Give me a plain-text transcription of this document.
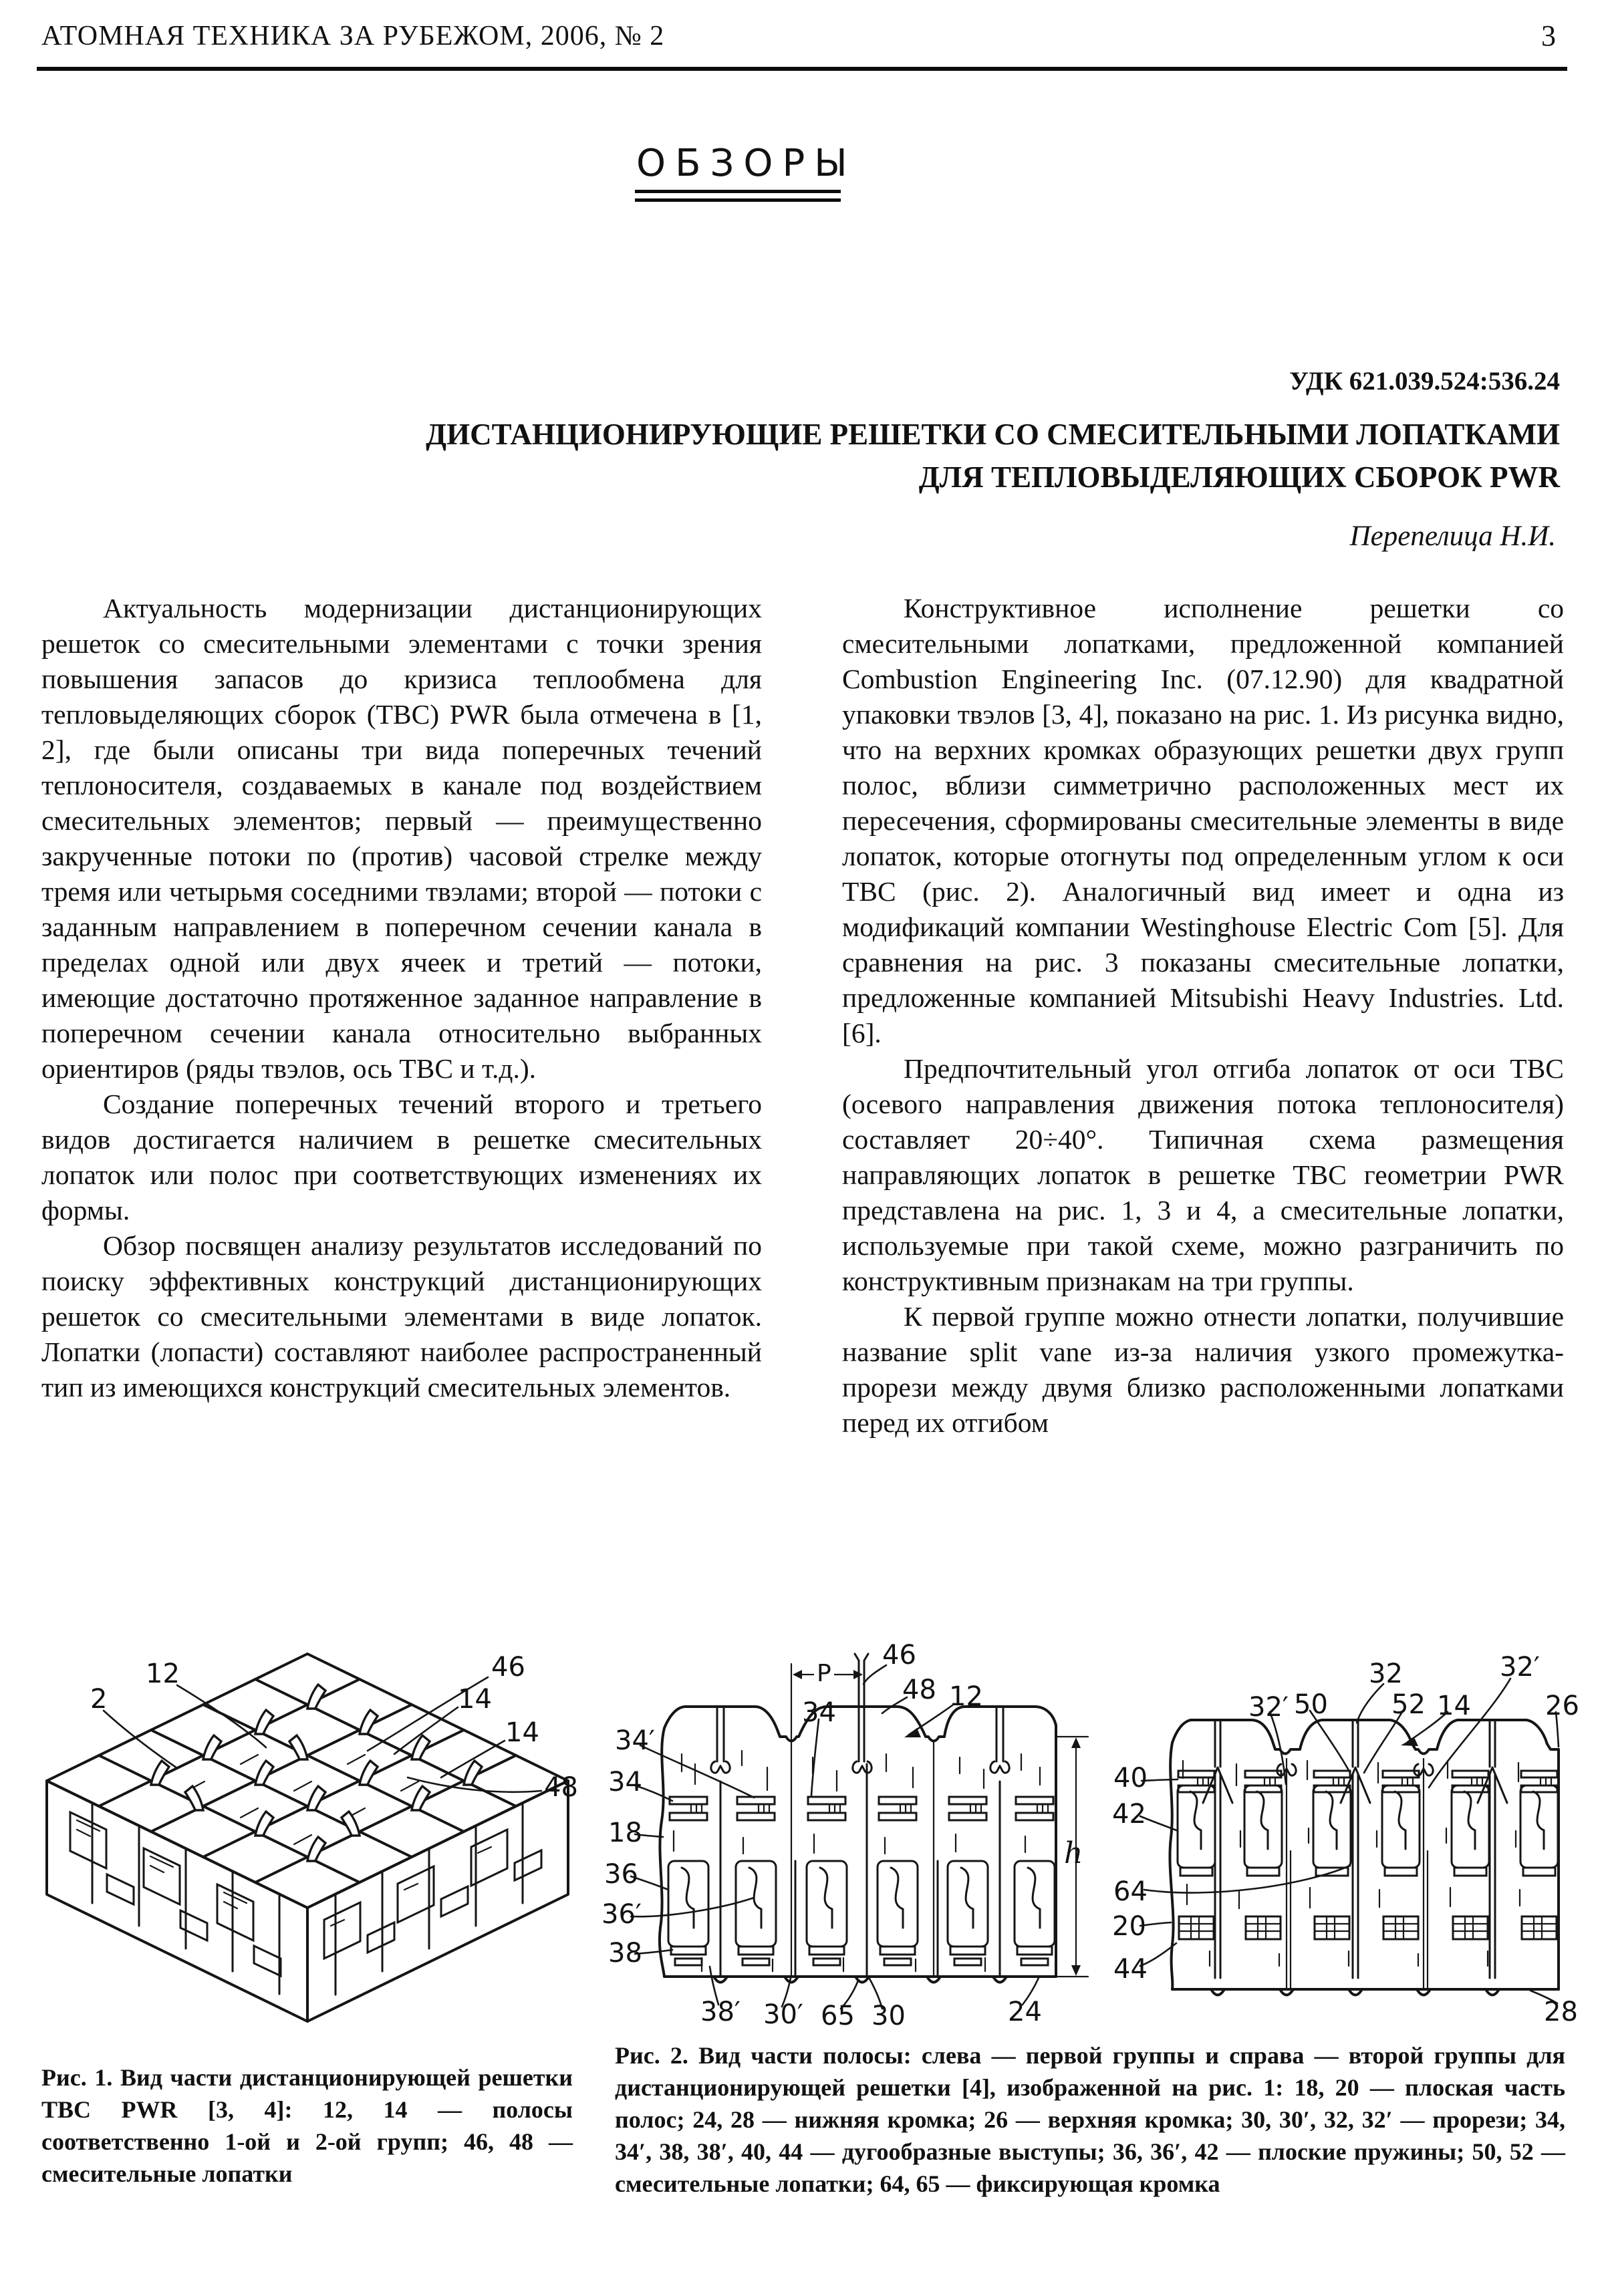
АТОМНАЯ ТЕХНИКА ЗА РУБЕЖОМ, 2006, № 2	3
ОБЗОРЫ
УДК 621.039.524:536.24
ДИСТАНЦИОНИРУЮЩИЕ РЕШЕТКИ СО СМЕСИТЕЛЬНЫМИ ЛОПАТКАМИ
ДЛЯ ТЕПЛОВЫДЕЛЯЮЩИХ СБОРОК PWR
Перепелица Н.И.

Актуальность модернизации дистанционирующих решеток со смесительными элементами с точки зрения повышения запасов до кризиса теплообмена для тепловыделяющих сборок (ТВС) PWR была отмечена в [1, 2], где были описаны три вида поперечных течений теплоносителя, создаваемых в канале под воздействием смесительных элементов; первый — преимущественно закрученные потоки по (против) часовой стрелке между тремя или четырьмя соседними твэлами; второй — потоки с заданным направлением в поперечном сечении канала в пределах одной или двух ячеек и третий — потоки, имеющие достаточно протяженное заданное направление в поперечном сечении канала относительно выбранных ориентиров (ряды твэлов, ось ТВС и т.д.).

Создание поперечных течений второго и третьего видов достигается наличием в решетке смесительных лопаток или полос при соответствующих изменениях их формы.

Обзор посвящен анализу результатов исследований по поиску эффективных конструкций дистанционирующих решеток со смесительными элементами в виде лопаток. Лопатки (лопасти) составляют наиболее распространенный тип из имеющихся конструкций смесительных элементов.

Конструктивное исполнение решетки со смесительными лопатками, предложенной компанией Combustion Engineering Inc. (07.12.90) для квадратной упаковки твэлов [3, 4], показано на рис. 1. Из рисунка видно, что на верхних кромках образующих решетки двух групп полос, вблизи симметрично расположенных мест их пересечения, сформированы смесительные элементы в виде лопаток, которые отогнуты под определенным углом к оси ТВС (рис. 2). Аналогичный вид имеет и одна из модификаций компании Westinghouse Electric Com [5]. Для сравнения на рис. 3 показаны смесительные лопатки, предложенные компанией Mitsubishi Heavy Industries. Ltd. [6].

Предпочтительный угол отгиба лопаток от оси ТВС (осевого направления движения потока теплоносителя) составляет 20÷40°. Типичная схема размещения направляющих лопаток в решетке ТВС геометрии PWR представлена на рис. 1, 3 и 4, а смесительные лопатки, используемые при такой схеме, можно разграничить по конструктивным признакам на три группы.

К первой группе можно отнести лопатки, получившие название split vane из-за наличия узкого промежутка-прорези между двумя близко расположенными лопатками перед их отгибом

2
12	46
14
14
48
Рис. 1. Вид части дистанционирующей решетки ТВС PWR [3, 4]: 12, 14 — полосы соответственно 1-ой и 2-ой групп; 46, 48 — смесительные лопатки
P
46
48 12
34
34′
34
18
36
36′
38
38′ 30′ 65 30	24
h
32′ 50
32
52 14
32′
26
40
42
64
20
44
28
Рис. 2. Вид части полосы: слева — первой группы и справа — второй группы для дистанционирующей решетки [4], изображенной на рис. 1: 18, 20 — плоская часть полос; 24, 28 — нижняя кромка; 26 — верхняя кромка; 30, 30′, 32, 32′ — прорези; 34, 34′, 38, 38′, 40, 44 — дугообразные выступы; 36, 36′, 42 — плоские пружины; 50, 52 — смесительные лопатки; 64, 65 — фиксирующая кромка
